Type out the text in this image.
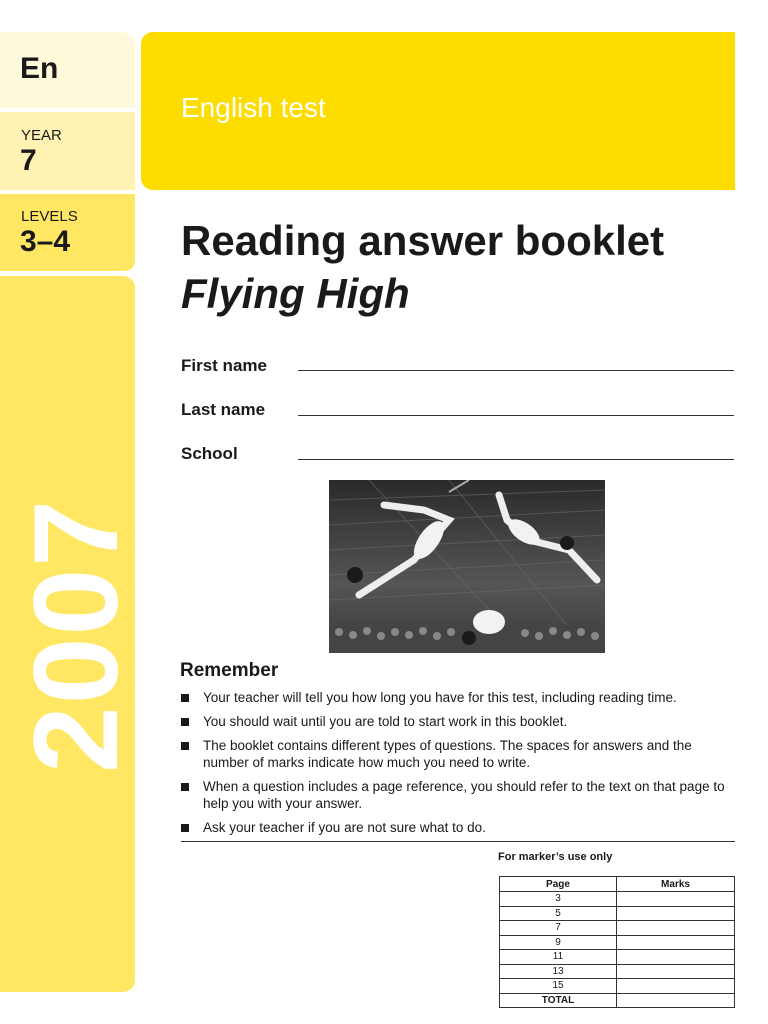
En
YEAR
7
LEVELS
3–4
2007
English test
Reading answer booklet
Flying High
First name
Last name
School
Remember
Your teacher will tell you how long you have for this test, including reading time.
You should wait until you are told to start work in this booklet.
The booklet contains different types of questions. The spaces for answers and the number of marks indicate how much you need to write.
When a question includes a page reference, you should refer to the text on that page to help you with your answer.
Ask your teacher if you are not sure what to do.
For marker’s use only
Page	Marks
3	
5	
7	
9	
11	
13	
15	
TOTAL	
